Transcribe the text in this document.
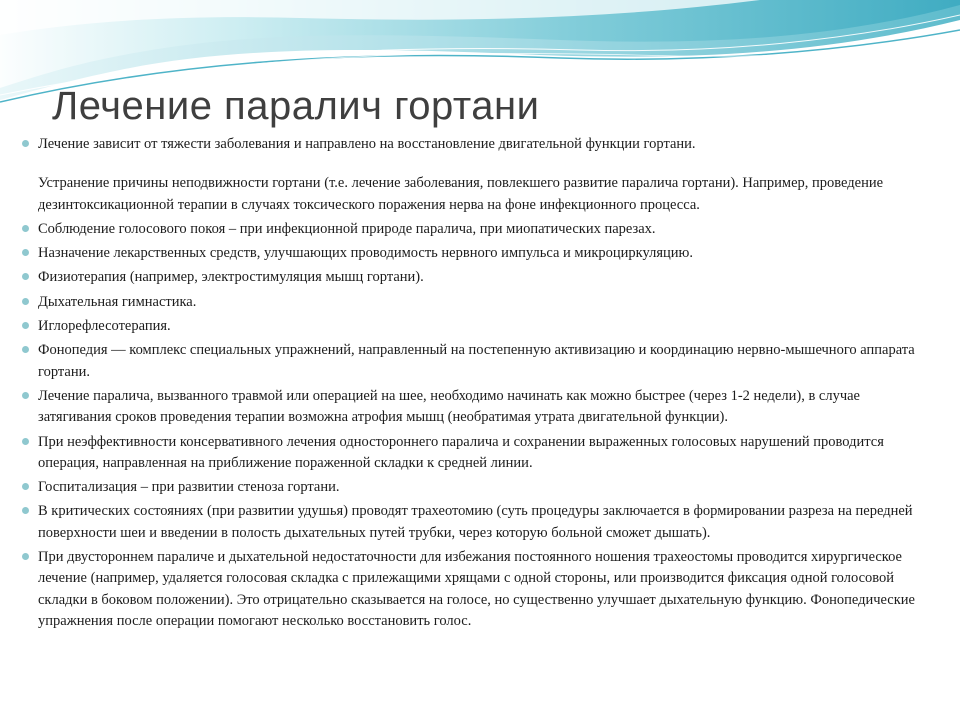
Лечение паралич гортани

Лечение зависит от тяжести заболевания и направлено на восстановление двигательной функции гортани.

Устранение причины неподвижности гортани (т.е. лечение заболевания, повлекшего развитие паралича гортани). Например, проведение дезинтоксикационной терапии в случаях токсического поражения нерва на фоне инфекционного процесса.

Соблюдение голосового покоя – при инфекционной природе паралича, при миопатических парезах.

Назначение лекарственных средств, улучшающих проводимость нервного импульса и микроциркуляцию.

Физиотерапия (например, электростимуляция мышц гортани).

Дыхательная гимнастика.

Иглорефлесотерапия.

Фонопедия — комплекс специальных упражнений, направленный на постепенную активизацию и координацию нервно-мышечного аппарата гортани.

Лечение паралича, вызванного травмой или операцией на шее, необходимо начинать как можно быстрее (через 1-2 недели), в случае затягивания сроков проведения терапии возможна атрофия мышц (необратимая утрата двигательной функции).

При неэффективности консервативного лечения одностороннего паралича и сохранении выраженных голосовых нарушений проводится операция, направленная на приближение пораженной складки к средней линии.

Госпитализация – при развитии стеноза гортани.

В критических состояниях (при развитии удушья) проводят трахеотомию (суть процедуры заключается в формировании разреза на передней поверхности шеи и введении в полость дыхательных путей трубки, через которую больной сможет дышать).

При двустороннем параличе и дыхательной недостаточности для избежания постоянного ношения трахеостомы проводится хирургическое лечение (например, удаляется голосовая складка с прилежащими хрящами с одной стороны, или производится фиксация одной голосовой складки в боковом положении). Это отрицательно сказывается на голосе, но существенно улучшает дыхательную функцию. Фонопедические упражнения после операции помогают несколько восстановить голос.
